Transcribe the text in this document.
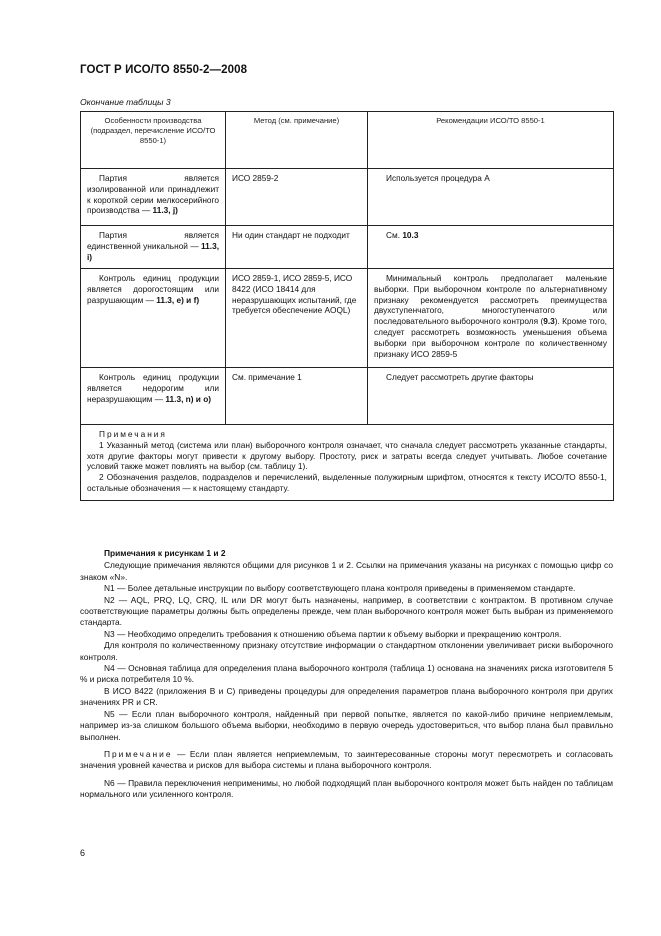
ГОСТ Р ИСО/ТО 8550-2—2008
Окончание таблицы 3
Особенности производства (подраздел, перечисление ИСО/ТО 8550-1)	Метод (см. примечание)	Рекомендации ИСО/ТО 8550-1

Партия является изолированной или принадлежит к короткой серии мелкосерийного производства — 11.3, j)	ИСО 2859-2	Используется процедура А

Партия является единственной уникальной — 11.3, i)	Ни один стандарт не подходит	См. 10.3

Контроль единиц продукции является дорогостоящим или разрушающим — 11.3, e) и f)	ИСО 2859-1, ИСО 2859-5, ИСО 8422 (ИСО 18414 для неразрушающих испытаний, где требуется обеспечение AOQL)	Минимальный контроль предполагает маленькие выборки. При выборочном контроле по альтернативному признаку рекомендуется рассмотреть преимущества двухступенчатого, многоступенчатого или последовательного выборочного контроля (9.3). Кроме того, следует рассмотреть возможность уменьшения объема выборки при выборочном контроле по количественному признаку ИСО 2859-5

Контроль единиц продукции является недорогим или неразрушающим — 11.3, n) и o)	См. примечание 1	Следует рассмотреть другие факторы

Примечания

1 Указанный метод (система или план) выборочного контроля означает, что сначала следует рассмотреть указанные стандарты, хотя другие факторы могут привести к другому выбору. Простоту, риск и затраты всегда следует учитывать. Любое сочетание условий также может повлиять на выбор (см. таблицу 1).

2 Обозначения разделов, подразделов и перечислений, выделенные полужирным шрифтом, относятся к тексту ИСО/ТО 8550-1, остальные обозначения — к настоящему стандарту.		

Примечания к рисункам 1 и 2

Следующие примечания являются общими для рисунков 1 и 2. Ссылки на примечания указаны на рисунках с помощью цифр со знаком «N».

N1 — Более детальные инструкции по выбору соответствующего плана контроля приведены в применяемом стандарте.

N2 — AQL, PRQ, LQ, CRQ, IL или DR могут быть назначены, например, в соответствии с контрактом. В противном случае соответствующие параметры должны быть определены прежде, чем план выборочного контроля может быть выбран из применяемого стандарта.

N3 — Необходимо определить требования к отношению объема партии к объему выборки и прекращению контроля.

Для контроля по количественному признаку отсутствие информации о стандартном отклонении увеличивает риски выборочного контроля.

N4 — Основная таблица для определения плана выборочного контроля (таблица 1) основана на значениях риска изготовителя 5 % и риска потребителя 10 %.

В ИСО 8422 (приложения B и C) приведены процедуры для определения параметров плана выборочного контроля при других значениях PR и CR.

N5 — Если план выборочного контроля, найденный при первой попытке, является по какой-либо причине неприемлемым, например из-за слишком большого объема выборки, необходимо в первую очередь удостовериться, что выбор плана был правильно выполнен.

Примечание — Если план является неприемлемым, то заинтересованные стороны могут пересмотреть и согласовать значения уровней качества и рисков для выбора системы и плана выборочного контроля.

N6 — Правила переключения неприменимы, но любой подходящий план выборочного контроля может быть найден по таблицам нормального или усиленного контроля.

6
